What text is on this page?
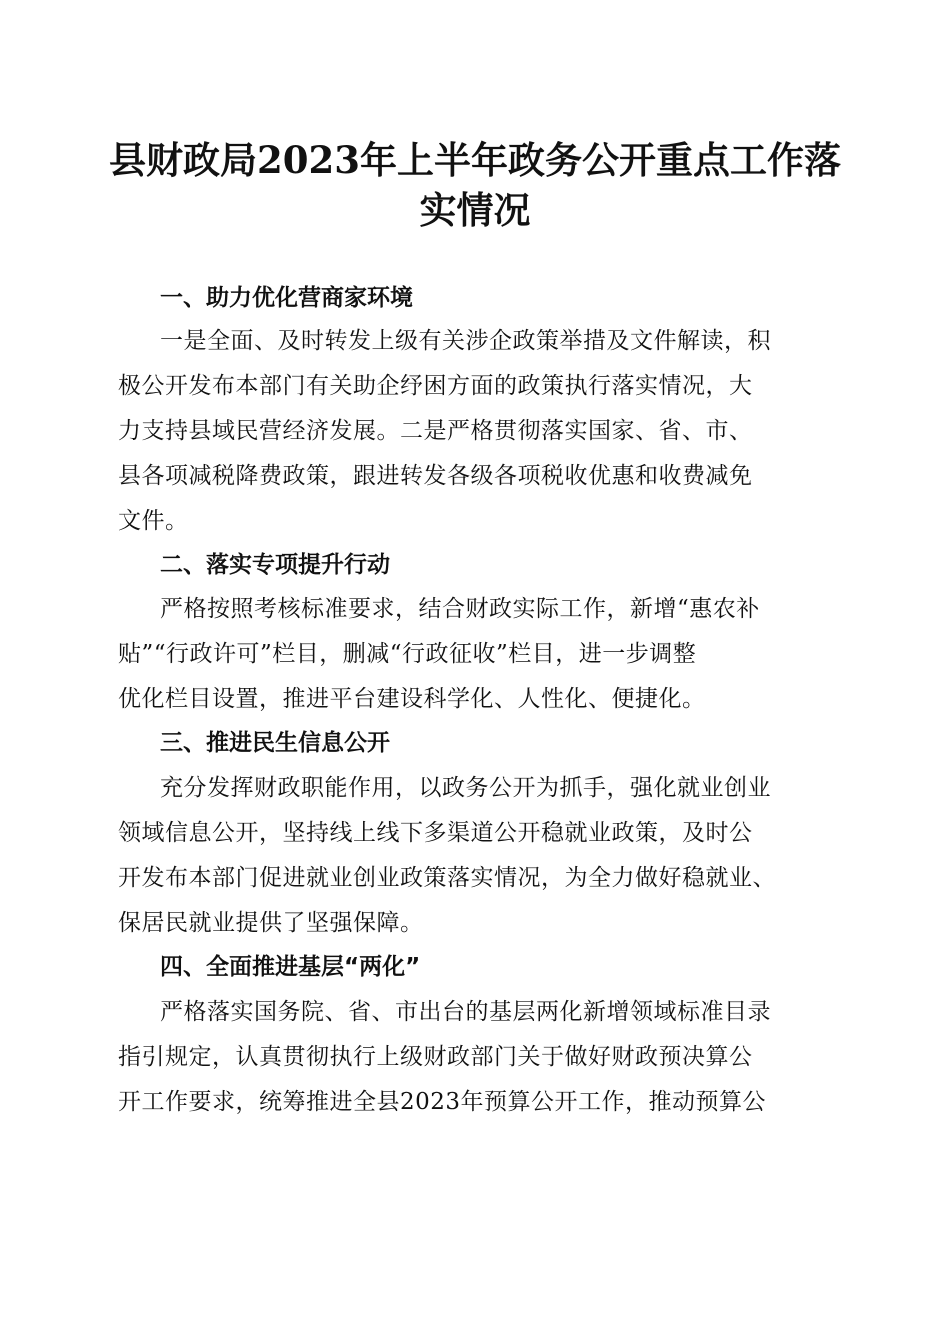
县财政局2023年上半年政务公开重点工作落
实情况
一、助力优化营商家环境

一是全面、及时转发上级有关涉企政策举措及文件解读，积

极公开发布本部门有关助企纾困方面的政策执行落实情况，大

力支持县域民营经济发展。二是严格贯彻落实国家、省、市、

县各项减税降费政策，跟进转发各级各项税收优惠和收费减免

文件。

二、落实专项提升行动

严格按照考核标准要求，结合财政实际工作，新增“惠农补

贴”“行政许可”栏目，删减“行政征收”栏目，进一步调整

优化栏目设置，推进平台建设科学化、人性化、便捷化。

三、推进民生信息公开

充分发挥财政职能作用，以政务公开为抓手，强化就业创业

领域信息公开，坚持线上线下多渠道公开稳就业政策，及时公

开发布本部门促进就业创业政策落实情况，为全力做好稳就业、

保居民就业提供了坚强保障。

四、全面推进基层“两化”

严格落实国务院、省、市出台的基层两化新增领域标准目录

指引规定，认真贯彻执行上级财政部门关于做好财政预决算公

开工作要求，统筹推进全县2023年预算公开工作，推动预算公
